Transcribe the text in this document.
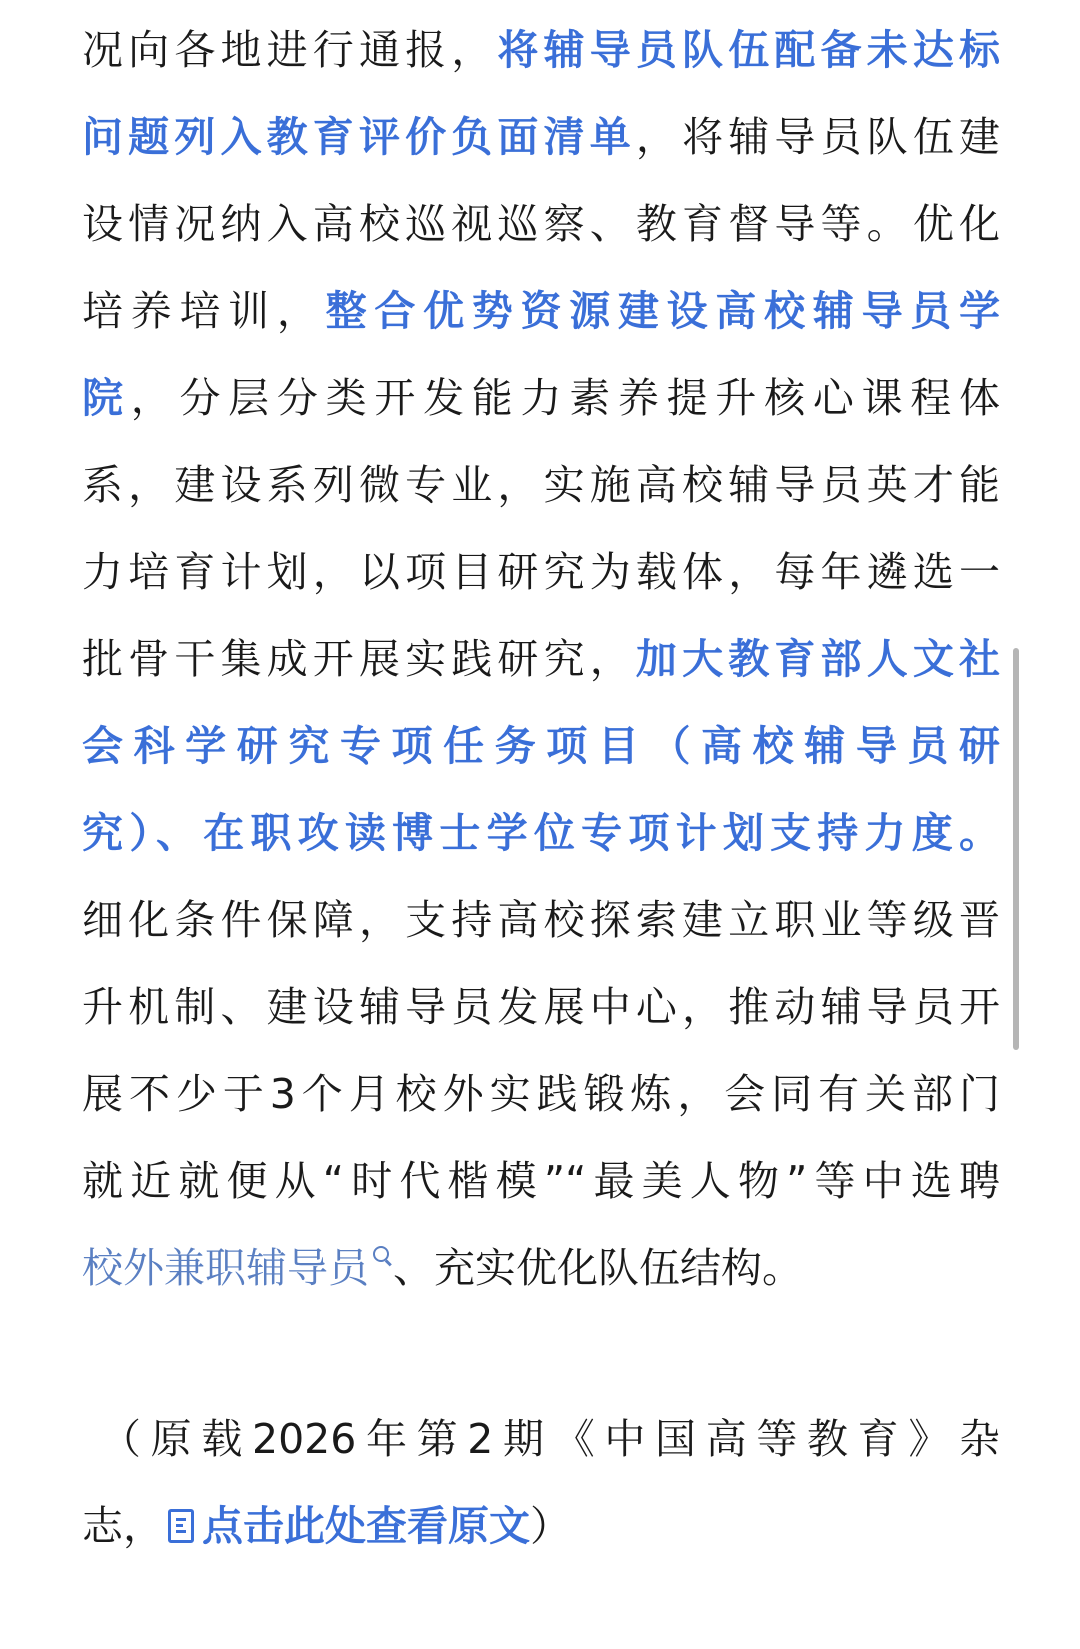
况向各地进行通报，将辅导员队伍配备未达标
问题列入教育评价负面清单，将辅导员队伍建
设情况纳入高校巡视巡察、教育督导等。优化
培养培训，整合优势资源建设高校辅导员学
院，分层分类开发能力素养提升核心课程体
系，建设系列微专业，实施高校辅导员英才能
力培育计划，以项目研究为载体，每年遴选一
批骨干集成开展实践研究，加大教育部人文社
会科学研究专项任务项目（高校辅导员研
究）、在职攻读博士学位专项计划支持力度。
细化条件保障，支持高校探索建立职业等级晋
升机制、建设辅导员发展中心，推动辅导员开
展不少于3个月校外实践锻炼，会同有关部门
就近就便从“时代楷模”“最美人物”等中选聘
校外兼职辅导员 、充实优化队伍结构。
（原载2026年第2期《中国高等教育》杂
志， 点击此处查看原文）
